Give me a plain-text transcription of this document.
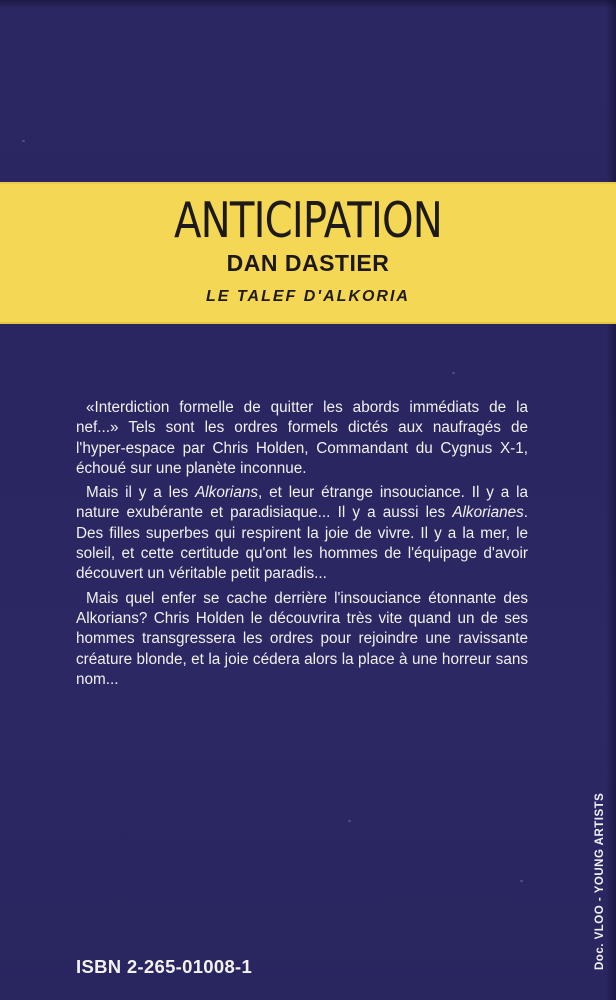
ANTICIPATION
DAN DASTIER
LE TALEF D'ALKORIA

«Interdiction formelle de quitter les abords immédiats de la nef...» Tels sont les ordres formels dictés aux naufragés de l'hyper-espace par Chris Holden, Commandant du Cygnus X-1, échoué sur une planète inconnue.

Mais il y a les Alkorians, et leur étrange insouciance. Il y a la nature exubérante et paradisiaque... Il y a aussi les Alkorianes. Des filles superbes qui respirent la joie de vivre. Il y a la mer, le soleil, et cette certitude qu'ont les hommes de l'équipage d'avoir découvert un véritable petit paradis...

Mais quel enfer se cache derrière l'insouciance étonnante des Alkorians? Chris Holden le découvrira très vite quand un de ses hommes transgressera les ordres pour rejoindre une ravissante créature blonde, et la joie cédera alors la place à une horreur sans nom...

ISBN 2-265-01008-1	Doc. VLOO - YOUNG ARTISTS
